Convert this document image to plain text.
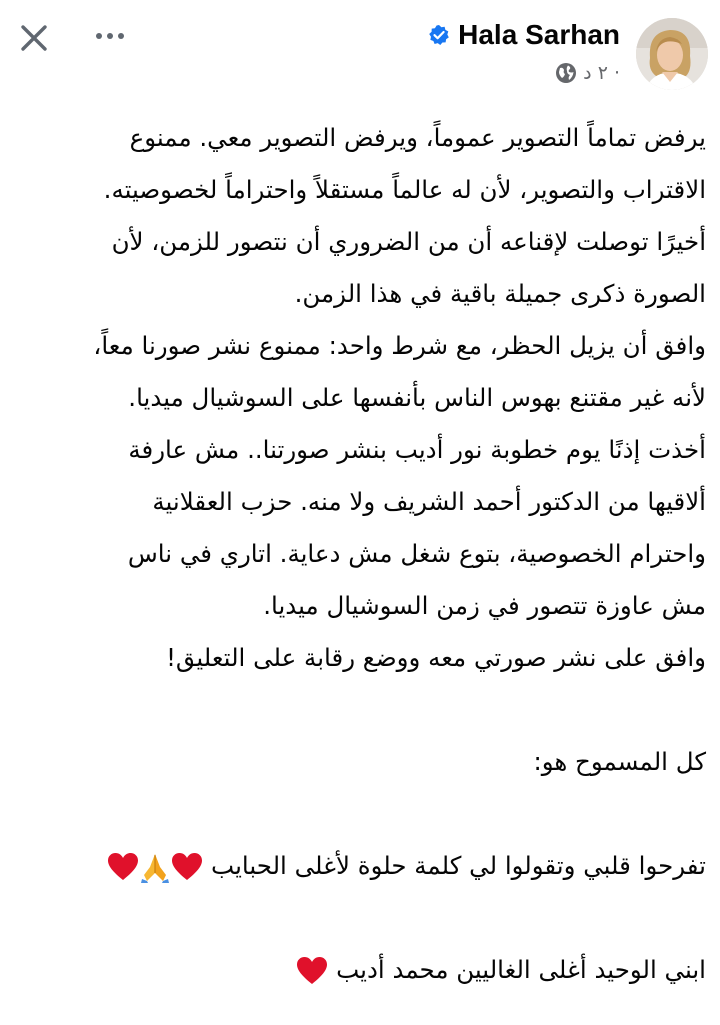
Hala Sarhan
٢ د ·
يرفض تماماً التصوير عموماً، ويرفض التصوير معي. ممنوع
الاقتراب والتصوير، لأن له عالماً مستقلاً واحتراماً لخصوصيته.
أخيرًا توصلت لإقناعه أن من الضروري أن نتصور للزمن، لأن
الصورة ذكرى جميلة باقية في هذا الزمن.
وافق أن يزيل الحظر، مع شرط واحد: ممنوع نشر صورنا معاً،
لأنه غير مقتنع بهوس الناس بأنفسها على السوشيال ميديا.
أخذت إذنًا يوم خطوبة نور أديب بنشر صورتنا.. مش عارفة
ألاقيها من الدكتور أحمد الشريف ولا منه. حزب العقلانية
واحترام الخصوصية، بتوع شغل مش دعاية. اتاري في ناس
مش عاوزة تتصور في زمن السوشيال ميديا.
وافق على نشر صورتي معه ووضع رقابة على التعليق!
كل المسموح هو:
تفرحوا قلبي وتقولوا لي كلمة حلوة لأغلى الحبايب
ابني الوحيد أغلى الغاليين محمد أديب
